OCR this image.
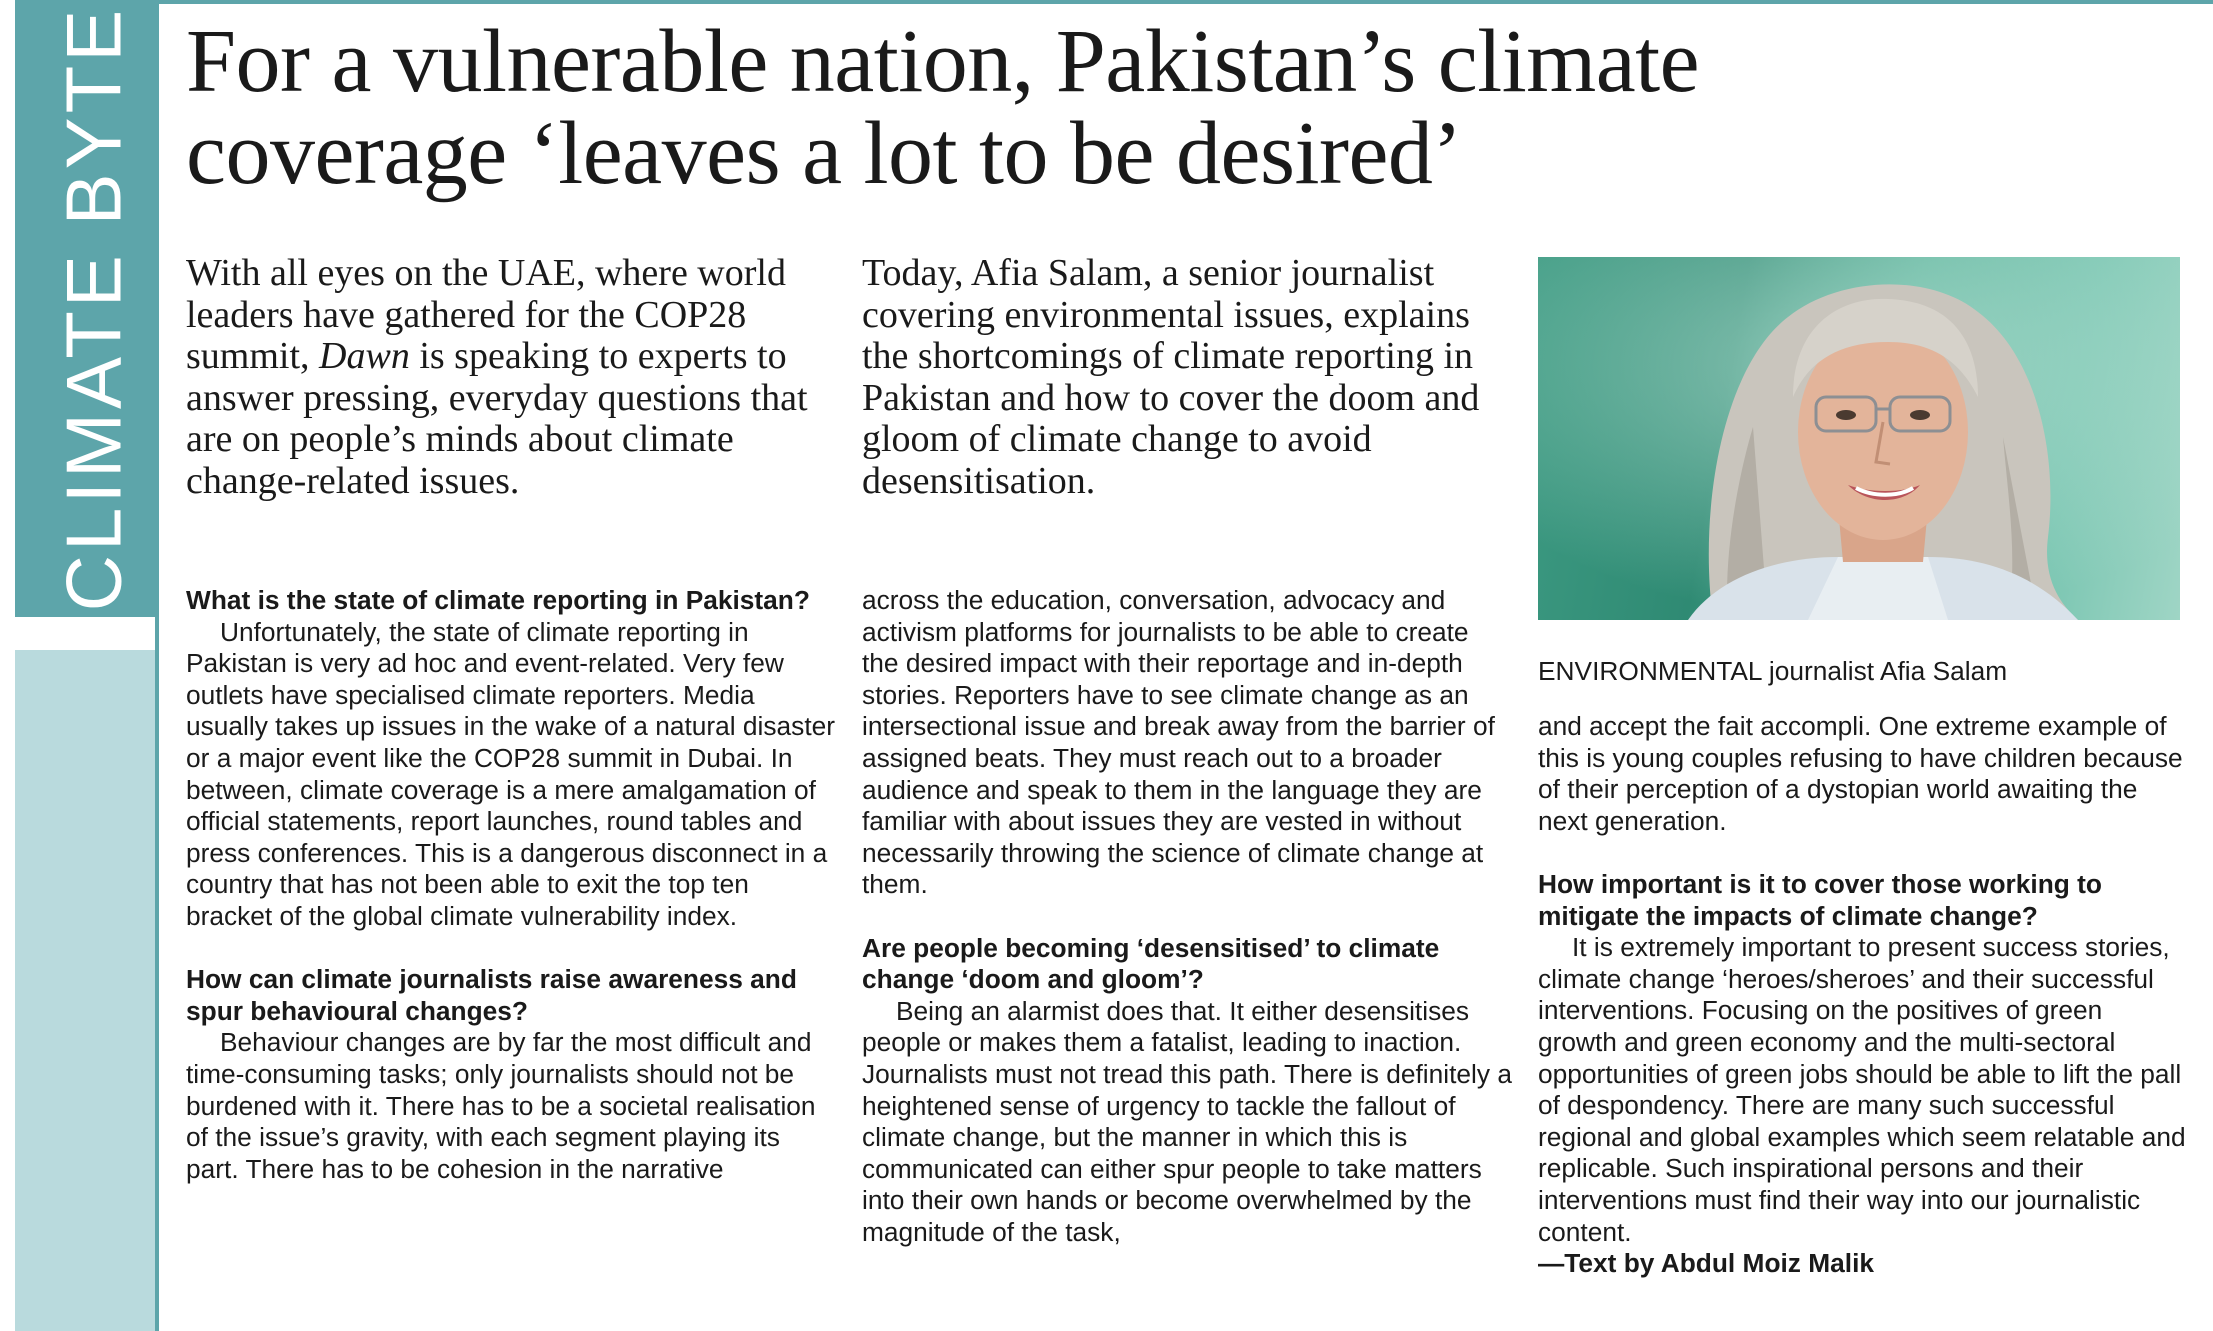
CLIMATE BYTE For a vulnerable nation, Pakistan’s climate
coverage ‘leaves a lot to be desired’

With all eyes on the UAE, where world leaders have gathered for the COP28 summit, Dawn is speaking to experts to answer pressing, everyday questions that are on people’s minds about climate change-related issues.

Today, Afia Salam, a senior journalist covering environmental issues, explains the shortcomings of climate reporting in Pakistan and how to cover the doom and gloom of climate change to avoid desensitisation.

What is the state of climate reporting in Pakistan?

Unfortunately, the state of climate reporting in Pakistan is very ad hoc and event-related. Very few outlets have specialised climate reporters. Media usually takes up issues in the wake of a natural disaster or a major event like the COP28 summit in Dubai. In between, climate coverage is a mere amalgamation of official statements, report launches, round tables and press conferences. This is a dangerous disconnect in a country that has not been able to exit the top ten bracket of the global climate vulnerability index.

How can climate journalists raise awareness and spur behavioural changes?

Behaviour changes are by far the most difficult and time-consuming tasks; only journalists should not be burdened with it. There has to be a societal realisation of the issue’s gravity, with each segment playing its part. There has to be cohesion in the narrative

across the education, conversation, advocacy and activism platforms for journalists to be able to create the desired impact with their reportage and in-depth stories. Reporters have to see climate change as an intersectional issue and break away from the barrier of assigned beats. They must reach out to a broader audience and speak to them in the language they are familiar with about issues they are vested in without necessarily throwing the science of climate change at them.

Are people becoming ‘desensitised’ to climate change ‘doom and gloom’?

Being an alarmist does that. It either desensitises people or makes them a fatalist, leading to inaction. Journalists must not tread this path. There is definitely a heightened sense of urgency to tackle the fallout of climate change, but the manner in which this is communicated can either spur people to take matters into their own hands or become overwhelmed by the magnitude of the task,

ENVIRONMENTAL journalist Afia Salam

and accept the fait accompli. One extreme example of this is young couples refusing to have children because of their perception of a dystopian world awaiting the next generation.

How important is it to cover those working to mitigate the impacts of climate change?

It is extremely important to present success stories, climate change ‘heroes/sheroes’ and their successful interventions. Focusing on the positives of green growth and green economy and the multi-sectoral opportunities of green jobs should be able to lift the pall of despondency. There are many such successful regional and global examples which seem relatable and replicable. Such inspirational persons and their interventions must find their way into our journalistic content.

—Text by Abdul Moiz Malik
